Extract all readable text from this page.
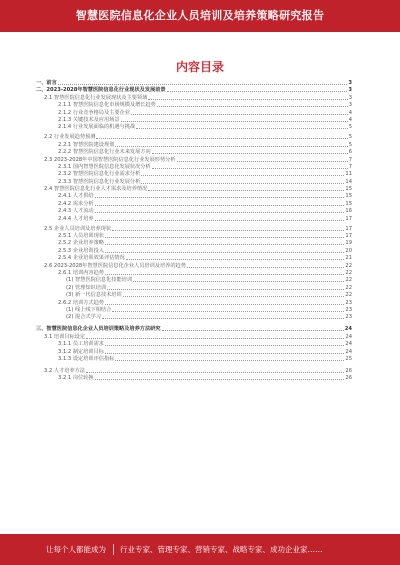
智慧医院信息化企业人员培训及培养策略研究报告
内容目录
一、前言	3
二、2023-2028年智慧医院信息化行业现状及发展前景	3
2.1 智慧医院信息化行业发展现状及主要领域	3
2.1.1 智慧医院信息化市场规模及增长趋势	3
2.1.2 行业竞争格局及主要企业	4
2.1.3 关键技术及应用场景	4
2.1.4 行业发展面临的机遇与挑战	5
2.2 行业发展趋势预测	5
2.2.1 智慧医院建设规划	5
2.2.2 智慧医院信息化行业未来发展方向	6
2.3 2023-2028年中国智慧医院信息化行业发展形势分析	7
2.3.1 国内智慧医院信息化发展状况分析	7
2.3.2 智慧医院信息化行业需求分析	11
2.3.3 智慧医院信息化行业发展分析	14
2.4 智慧医院信息化行业人才需求及培养情况	15
2.4.1 人才供给	15
2.4.2 需求分析	15
2.4.3 人才流动	16
2.4.4 人才培养	17
2.5 企业人员培训及培养现状	17
2.5.1 人员培训现状	17
2.5.2 企业培养策略	19
2.5.3 企业培训投入	20
2.5.4 企业培训效果评估情况	21
2.6 2023-2028年智慧医院信息化企业人员培训及培养的趋势	22
2.6.1 培训内容趋势	22
(1) 智慧医院信息化技能培训	22
(2) 管理知识培训	22
(3) 新一代信息技术培训	22
2.6.2 培训方式趋势	23
(1) 线上线下相结合	23
(2) 混合式学习	23
三、智慧医院信息化企业人员培训策略及培养方法研究	24
3.1 培训目标设定	24
3.1.1 员工培训需求	24
3.1.2 制定培训目标	24
3.1.3 设定培训评估指标	25
3.2 人才培养方法	26
3.2.1 岗位轮换	26
让每个人都能成为 行业专家、管理专家、营销专家、战略专家、成功企业家……
